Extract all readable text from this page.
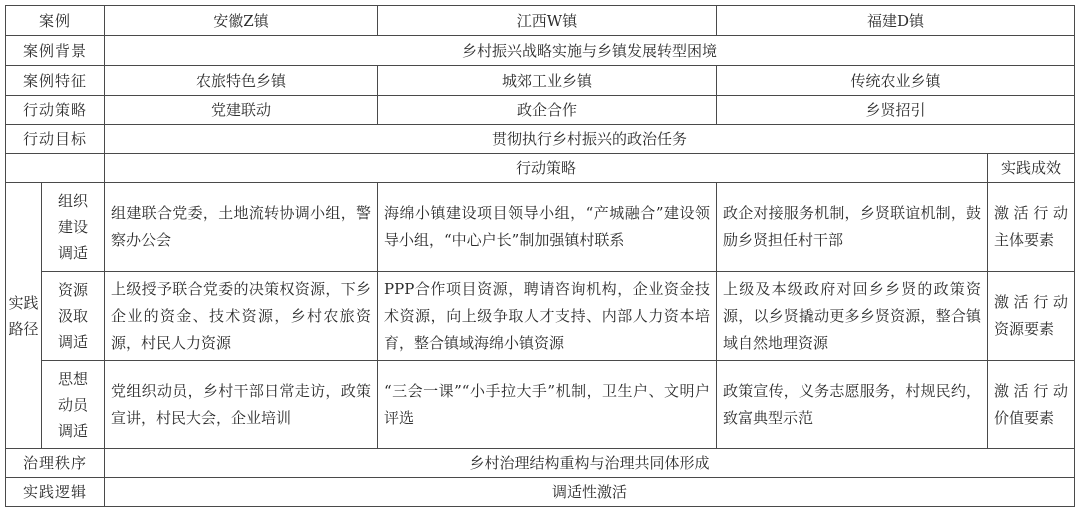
案例		安徽Z镇	江西W镇	福建D镇	
案例背景		乡村振兴战略实施与乡镇发展转型困境			
案例特征		农旅特色乡镇	城郊工业乡镇	传统农业乡镇	
行动策略		党建联动	政企合作	乡贤招引	
行动目标		贯彻执行乡村振兴的政治任务			
		行动策略			实践成效
实践路径	组织建设调适	组建联合党委，土地流转协调小组，警察办公会	海绵小镇建设项目领导小组，“产城融合”建设领导小组，“中心户长”制加强镇村联系	政企对接服务机制，乡贤联谊机制，鼓励乡贤担任村干部	激活行动主体要素
	资源汲取调适	上级授予联合党委的决策权资源，下乡企业的资金、技术资源，乡村农旅资源，村民人力资源	PPP合作项目资源，聘请咨询机构，企业资金技术资源，向上级争取人才支持、内部人力资本培育，整合镇域海绵小镇资源	上级及本级政府对回乡乡贤的政策资源，以乡贤撬动更多乡贤资源，整合镇域自然地理资源	激活行动资源要素
	思想动员调适	党组织动员，乡村干部日常走访，政策宣讲，村民大会，企业培训	“三会一课”“小手拉大手”机制，卫生户、文明户评选	政策宣传，义务志愿服务，村规民约，致富典型示范	激活行动价值要素
治理秩序		乡村治理结构重构与治理共同体形成			
实践逻辑		调适性激活			
